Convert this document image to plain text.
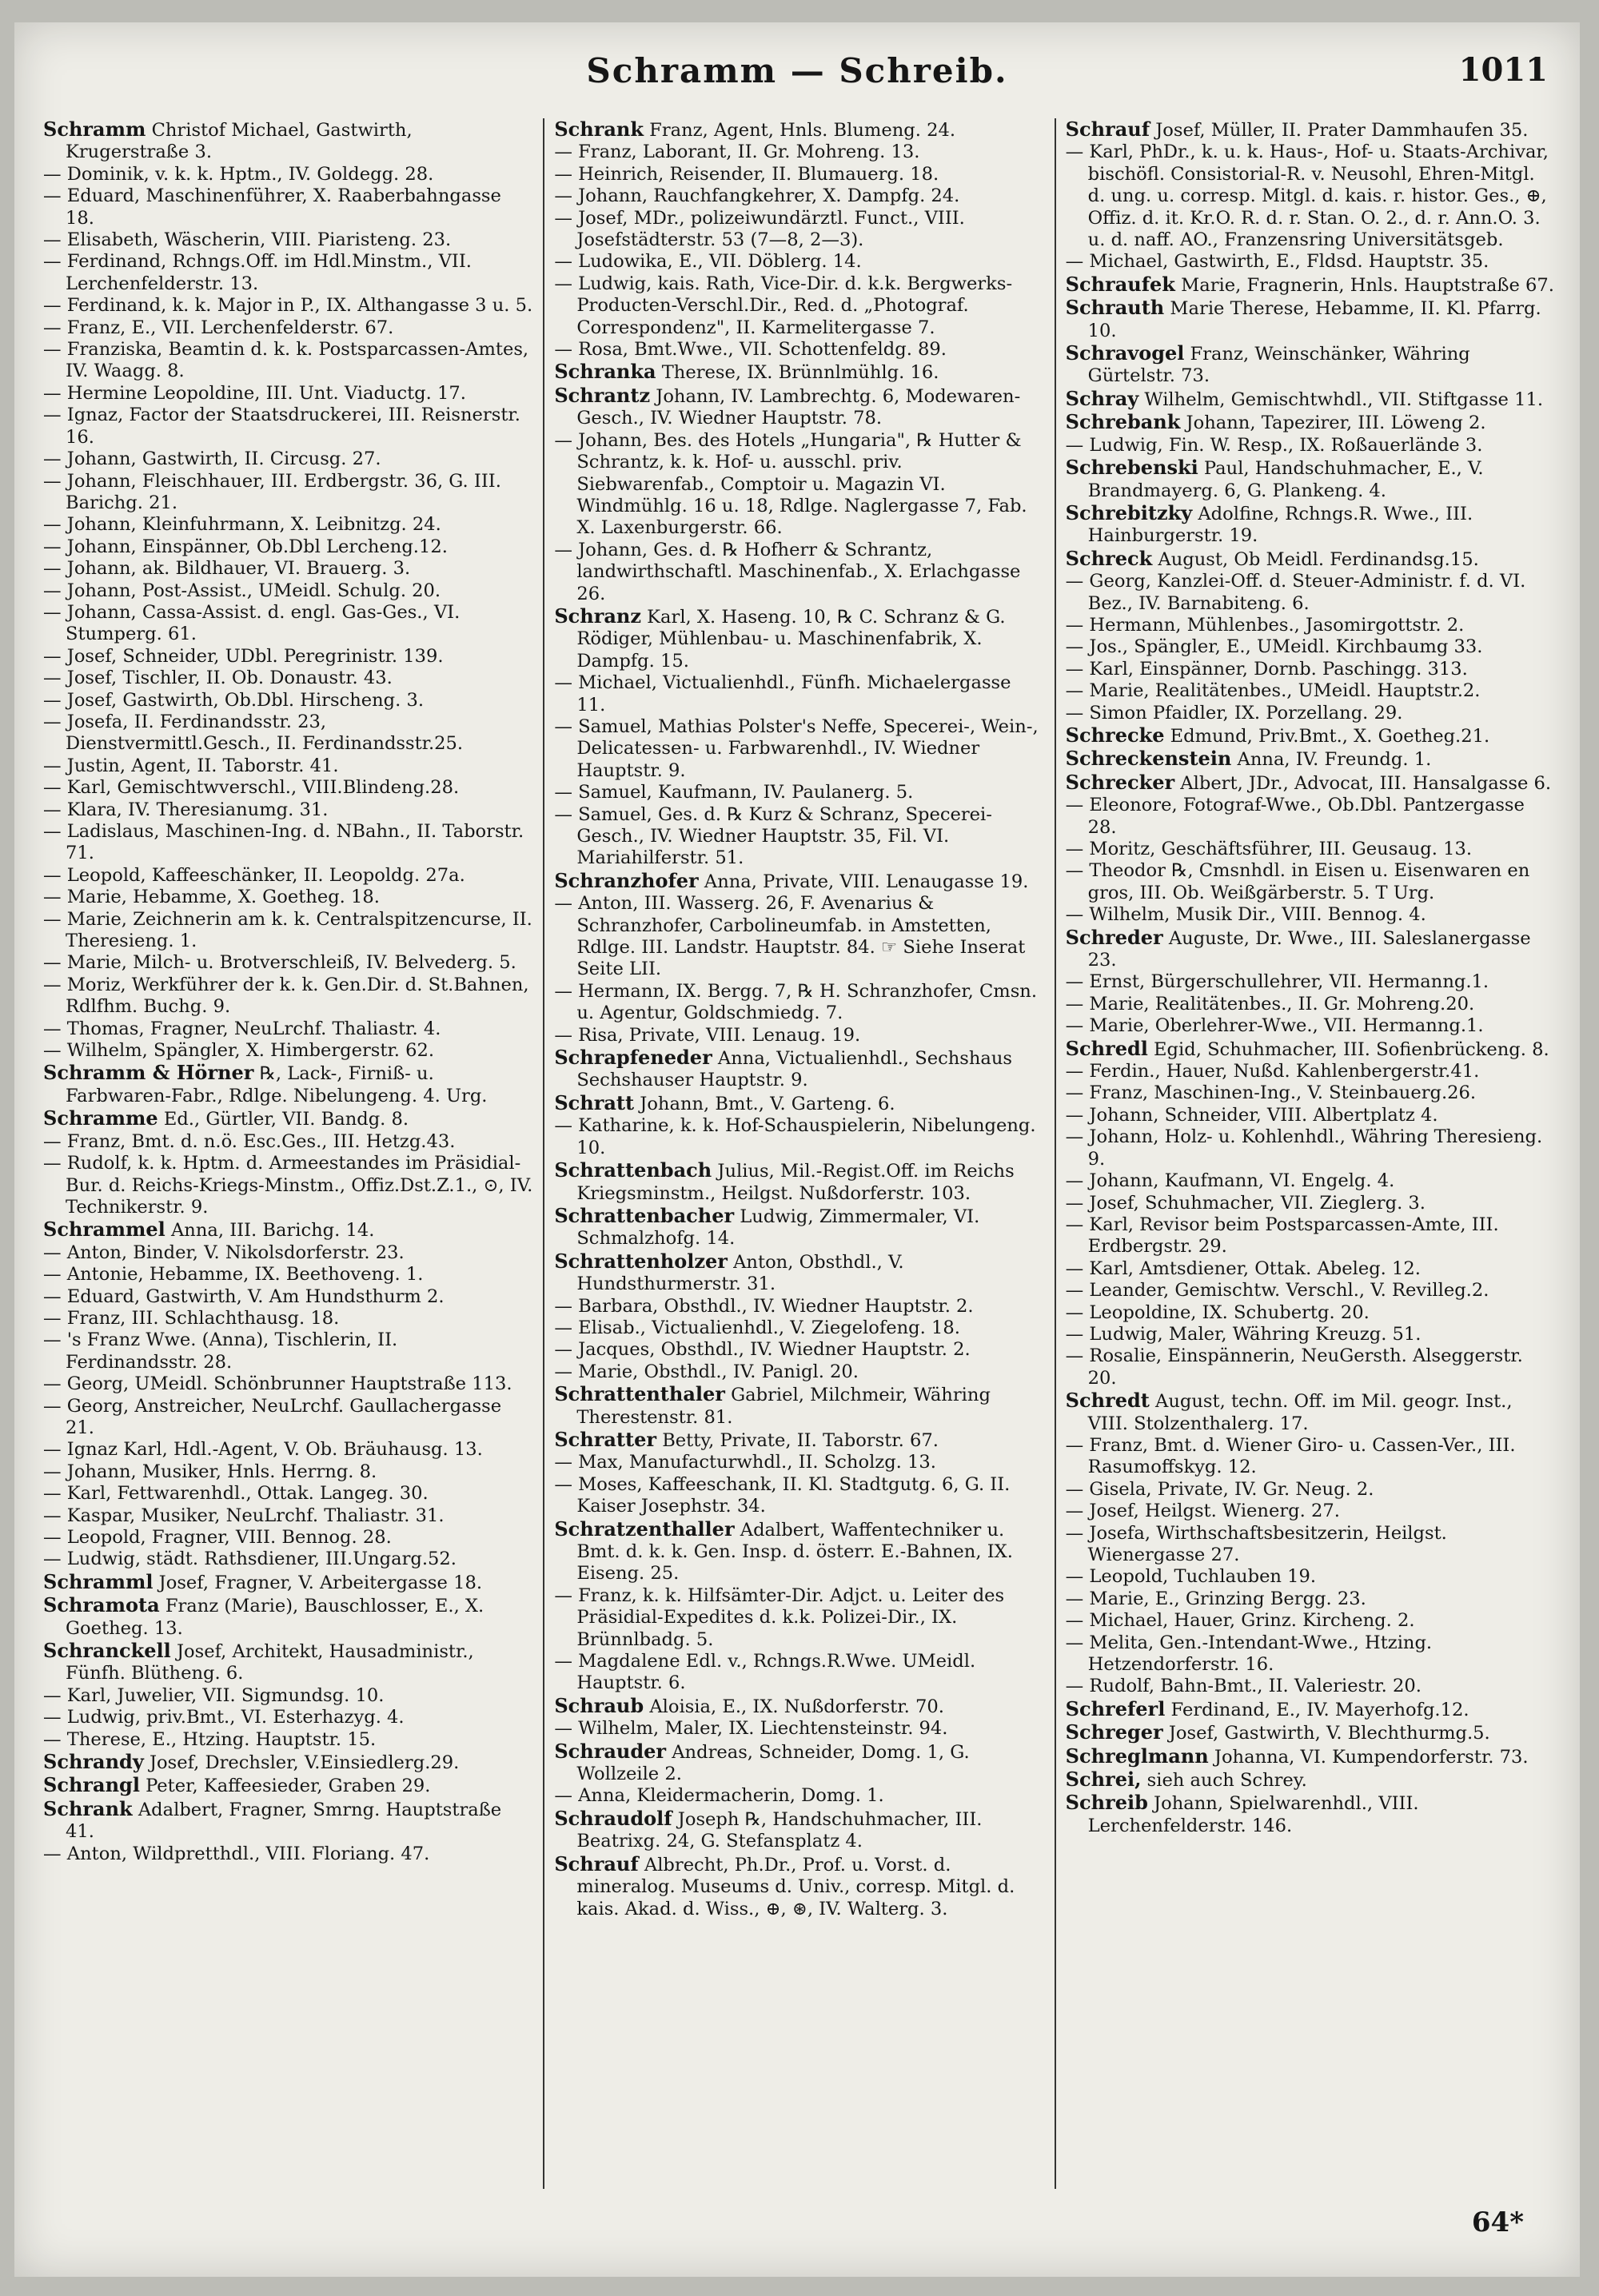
Schramm — Schreib.	1011

Schramm Christof Michael, Gastwirth, Krugerstraße 3.

— Dominik, v. k. k. Hptm., IV. Goldegg. 28.

— Eduard, Maschinenführer, X. Raaberbahngasse 18.

— Elisabeth, Wäscherin, VIII. Piaristeng. 23.

— Ferdinand, Rchngs.Off. im Hdl.Minstm., VII. Lerchenfelderstr. 13.

— Ferdinand, k. k. Major in P., IX. Althangasse 3 u. 5.

— Franz, E., VII. Lerchenfelderstr. 67.

— Franziska, Beamtin d. k. k. Postsparcassen-Amtes, IV. Waagg. 8.

— Hermine Leopoldine, III. Unt. Viaductg. 17.

— Ignaz, Factor der Staatsdruckerei, III. Reisnerstr. 16.

— Johann, Gastwirth, II. Circusg. 27.

— Johann, Fleischhauer, III. Erdbergstr. 36, G. III. Barichg. 21.

— Johann, Kleinfuhrmann, X. Leibnitzg. 24.

— Johann, Einspänner, Ob.Dbl Lercheng.12.

— Johann, ak. Bildhauer, VI. Brauerg. 3.

— Johann, Post-Assist., UMeidl. Schulg. 20.

— Johann, Cassa-Assist. d. engl. Gas-Ges., VI. Stumperg. 61.

— Josef, Schneider, UDbl. Peregrinistr. 139.

— Josef, Tischler, II. Ob. Donaustr. 43.

— Josef, Gastwirth, Ob.Dbl. Hirscheng. 3.

— Josefa, II. Ferdinandsstr. 23, Dienstvermittl.Gesch., II. Ferdinandsstr.25.

— Justin, Agent, II. Taborstr. 41.

— Karl, Gemischtwverschl., VIII.Blindeng.28.

— Klara, IV. Theresianumg. 31.

— Ladislaus, Maschinen-Ing. d. NBahn., II. Taborstr. 71.

— Leopold, Kaffeeschänker, II. Leopoldg. 27a.

— Marie, Hebamme, X. Goetheg. 18.

— Marie, Zeichnerin am k. k. Centralspitzencurse, II. Theresieng. 1.

— Marie, Milch- u. Brotverschleiß, IV. Belvederg. 5.

— Moriz, Werkführer der k. k. Gen.Dir. d. St.Bahnen, Rdlfhm. Buchg. 9.

— Thomas, Fragner, NeuLrchf. Thaliastr. 4.

— Wilhelm, Spängler, X. Himbergerstr. 62.

Schramm & Hörner ℞, Lack-, Firniß- u. Farbwaren-Fabr., Rdlge. Nibelungeng. 4. Urg.

Schramme Ed., Gürtler, VII. Bandg. 8.

— Franz, Bmt. d. n.ö. Esc.Ges., III. Hetzg.43.

— Rudolf, k. k. Hptm. d. Armeestandes im Präsidial-Bur. d. Reichs-Kriegs-Minstm., Offiz.Dst.Z.1., ⊙, IV. Technikerstr. 9.

Schrammel Anna, III. Barichg. 14.

— Anton, Binder, V. Nikolsdorferstr. 23.

— Antonie, Hebamme, IX. Beethoveng. 1.

— Eduard, Gastwirth, V. Am Hundsthurm 2.

— Franz, III. Schlachthausg. 18.

— 's Franz Wwe. (Anna), Tischlerin, II. Ferdinandsstr. 28.

— Georg, UMeidl. Schönbrunner Hauptstraße 113.

— Georg, Anstreicher, NeuLrchf. Gaullachergasse 21.

— Ignaz Karl, Hdl.-Agent, V. Ob. Bräuhausg. 13.

— Johann, Musiker, Hnls. Herrng. 8.

— Karl, Fettwarenhdl., Ottak. Langeg. 30.

— Kaspar, Musiker, NeuLrchf. Thaliastr. 31.

— Leopold, Fragner, VIII. Bennog. 28.

— Ludwig, städt. Rathsdiener, III.Ungarg.52.

Schramml Josef, Fragner, V. Arbeitergasse 18.

Schramota Franz (Marie), Bauschlosser, E., X. Goetheg. 13.

Schranckell Josef, Architekt, Hausadministr., Fünfh. Blütheng. 6.

— Karl, Juwelier, VII. Sigmundsg. 10.

— Ludwig, priv.Bmt., VI. Esterhazyg. 4.

— Therese, E., Htzing. Hauptstr. 15.

Schrandy Josef, Drechsler, V.Einsiedlerg.29.

Schrangl Peter, Kaffeesieder, Graben 29.

Schrank Adalbert, Fragner, Smrng. Hauptstraße 41.

— Anton, Wildpretthdl., VIII. Floriang. 47.

Schrank Franz, Agent, Hnls. Blumeng. 24.

— Franz, Laborant, II. Gr. Mohreng. 13.

— Heinrich, Reisender, II. Blumauerg. 18.

— Johann, Rauchfangkehrer, X. Dampfg. 24.

— Josef, MDr., polizeiwundärztl. Funct., VIII. Josefstädterstr. 53 (7—8, 2—3).

— Ludowika, E., VII. Döblerg. 14.

— Ludwig, kais. Rath, Vice-Dir. d. k.k. Bergwerks-Producten-Verschl.Dir., Red. d. „Photograf. Correspondenz", II. Karmelitergasse 7.

— Rosa, Bmt.Wwe., VII. Schottenfeldg. 89.

Schranka Therese, IX. Brünnlmühlg. 16.

Schrantz Johann, IV. Lambrechtg. 6, Modewaren-Gesch., IV. Wiedner Hauptstr. 78.

— Johann, Bes. des Hotels „Hungaria", ℞ Hutter & Schrantz, k. k. Hof- u. ausschl. priv. Siebwarenfab., Comptoir u. Magazin VI. Windmühlg. 16 u. 18, Rdlge. Naglergasse 7, Fab. X. Laxenburgerstr. 66.

— Johann, Ges. d. ℞ Hofherr & Schrantz, landwirthschaftl. Maschinenfab., X. Erlachgasse 26.

Schranz Karl, X. Haseng. 10, ℞ C. Schranz & G. Rödiger, Mühlenbau- u. Maschinenfabrik, X. Dampfg. 15.

— Michael, Victualienhdl., Fünfh. Michaelergasse 11.

— Samuel, Mathias Polster's Neffe, Specerei-, Wein-, Delicatessen- u. Farbwarenhdl., IV. Wiedner Hauptstr. 9.

— Samuel, Kaufmann, IV. Paulanerg. 5.

— Samuel, Ges. d. ℞ Kurz & Schranz, Specerei-Gesch., IV. Wiedner Hauptstr. 35, Fil. VI. Mariahilferstr. 51.

Schranzhofer Anna, Private, VIII. Lenaugasse 19.

— Anton, III. Wasserg. 26, F. Avenarius & Schranzhofer, Carbolineumfab. in Amstetten, Rdlge. III. Landstr. Hauptstr. 84. ☞ Siehe Inserat Seite LII.

— Hermann, IX. Bergg. 7, ℞ H. Schranzhofer, Cmsn. u. Agentur, Goldschmiedg. 7.

— Risa, Private, VIII. Lenaug. 19.

Schrapfeneder Anna, Victualienhdl., Sechshaus Sechshauser Hauptstr. 9.

Schratt Johann, Bmt., V. Garteng. 6.

— Katharine, k. k. Hof-Schauspielerin, Nibelungeng. 10.

Schrattenbach Julius, Mil.-Regist.Off. im Reichs Kriegsminstm., Heilgst. Nußdorferstr. 103.

Schrattenbacher Ludwig, Zimmermaler, VI. Schmalzhofg. 14.

Schrattenholzer Anton, Obsthdl., V. Hundsthurmerstr. 31.

— Barbara, Obsthdl., IV. Wiedner Hauptstr. 2.

— Elisab., Victualienhdl., V. Ziegelofeng. 18.

— Jacques, Obsthdl., IV. Wiedner Hauptstr. 2.

— Marie, Obsthdl., IV. Panigl. 20.

Schrattenthaler Gabriel, Milchmeir, Währing Therestenstr. 81.

Schratter Betty, Private, II. Taborstr. 67.

— Max, Manufacturwhdl., II. Scholzg. 13.

— Moses, Kaffeeschank, II. Kl. Stadtgutg. 6, G. II. Kaiser Josephstr. 34.

Schratzenthaller Adalbert, Waffentechniker u. Bmt. d. k. k. Gen. Insp. d. österr. E.-Bahnen, IX. Eiseng. 25.

— Franz, k. k. Hilfsämter-Dir. Adjct. u. Leiter des Präsidial-Expedites d. k.k. Polizei-Dir., IX. Brünnlbadg. 5.

— Magdalene Edl. v., Rchngs.R.Wwe. UMeidl. Hauptstr. 6.

Schraub Aloisia, E., IX. Nußdorferstr. 70.

— Wilhelm, Maler, IX. Liechtensteinstr. 94.

Schrauder Andreas, Schneider, Domg. 1, G. Wollzeile 2.

— Anna, Kleidermacherin, Domg. 1.

Schraudolf Joseph ℞, Handschuhmacher, III. Beatrixg. 24, G. Stefansplatz 4.

Schrauf Albrecht, Ph.Dr., Prof. u. Vorst. d. mineralog. Museums d. Univ., corresp. Mitgl. d. kais. Akad. d. Wiss., ⊕, ⊛, IV. Walterg. 3.

Schrauf Josef, Müller, II. Prater Dammhaufen 35.

— Karl, PhDr., k. u. k. Haus-, Hof- u. Staats-Archivar, bischöfl. Consistorial-R. v. Neusohl, Ehren-Mitgl. d. ung. u. corresp. Mitgl. d. kais. r. histor. Ges., ⊕, Offiz. d. it. Kr.O. R. d. r. Stan. O. 2., d. r. Ann.O. 3. u. d. naff. AO., Franzensring Universitätsgeb.

— Michael, Gastwirth, E., Fldsd. Hauptstr. 35.

Schraufek Marie, Fragnerin, Hnls. Hauptstraße 67.

Schrauth Marie Therese, Hebamme, II. Kl. Pfarrg. 10.

Schravogel Franz, Weinschänker, Währing Gürtelstr. 73.

Schray Wilhelm, Gemischtwhdl., VII. Stiftgasse 11.

Schrebank Johann, Tapezirer, III. Löweng 2.

— Ludwig, Fin. W. Resp., IX. Roßauerlände 3.

Schrebenski Paul, Handschuhmacher, E., V. Brandmayerg. 6, G. Plankeng. 4.

Schrebitzky Adolfine, Rchngs.R. Wwe., III. Hainburgerstr. 19.

Schreck August, Ob Meidl. Ferdinandsg.15.

— Georg, Kanzlei-Off. d. Steuer-Administr. f. d. VI. Bez., IV. Barnabiteng. 6.

— Hermann, Mühlenbes., Jasomirgottstr. 2.

— Jos., Spängler, E., UMeidl. Kirchbaumg 33.

— Karl, Einspänner, Dornb. Paschingg. 313.

— Marie, Realitätenbes., UMeidl. Hauptstr.2.

— Simon Pfaidler, IX. Porzellang. 29.

Schrecke Edmund, Priv.Bmt., X. Goetheg.21.

Schreckenstein Anna, IV. Freundg. 1.

Schrecker Albert, JDr., Advocat, III. Hansalgasse 6.

— Eleonore, Fotograf-Wwe., Ob.Dbl. Pantzergasse 28.

— Moritz, Geschäftsführer, III. Geusaug. 13.

— Theodor ℞, Cmsnhdl. in Eisen u. Eisenwaren en gros, III. Ob. Weißgärberstr. 5. T Urg.

— Wilhelm, Musik Dir., VIII. Bennog. 4.

Schreder Auguste, Dr. Wwe., III. Saleslanergasse 23.

— Ernst, Bürgerschullehrer, VII. Hermanng.1.

— Marie, Realitätenbes., II. Gr. Mohreng.20.

— Marie, Oberlehrer-Wwe., VII. Hermanng.1.

Schredl Egid, Schuhmacher, III. Sofienbrückeng. 8.

— Ferdin., Hauer, Nußd. Kahlenbergerstr.41.

— Franz, Maschinen-Ing., V. Steinbauerg.26.

— Johann, Schneider, VIII. Albertplatz 4.

— Johann, Holz- u. Kohlenhdl., Währing Theresieng. 9.

— Johann, Kaufmann, VI. Engelg. 4.

— Josef, Schuhmacher, VII. Zieglerg. 3.

— Karl, Revisor beim Postsparcassen-Amte, III. Erdbergstr. 29.

— Karl, Amtsdiener, Ottak. Abeleg. 12.

— Leander, Gemischtw. Verschl., V. Revilleg.2.

— Leopoldine, IX. Schubertg. 20.

— Ludwig, Maler, Währing Kreuzg. 51.

— Rosalie, Einspännerin, NeuGersth. Alseggerstr. 20.

Schredt August, techn. Off. im Mil. geogr. Inst., VIII. Stolzenthalerg. 17.

— Franz, Bmt. d. Wiener Giro- u. Cassen-Ver., III. Rasumoffskyg. 12.

— Gisela, Private, IV. Gr. Neug. 2.

— Josef, Heilgst. Wienerg. 27.

— Josefa, Wirthschaftsbesitzerin, Heilgst. Wienergasse 27.

— Leopold, Tuchlauben 19.

— Marie, E., Grinzing Bergg. 23.

— Michael, Hauer, Grinz. Kircheng. 2.

— Melita, Gen.-Intendant-Wwe., Htzing. Hetzendorferstr. 16.

— Rudolf, Bahn-Bmt., II. Valeriestr. 20.

Schreferl Ferdinand, E., IV. Mayerhofg.12.

Schreger Josef, Gastwirth, V. Blechthurmg.5.

Schreglmann Johanna, VI. Kumpendorferstr. 73.

Schrei, sieh auch Schrey.

Schreib Johann, Spielwarenhdl., VIII. Lerchenfelderstr. 146.

64*
